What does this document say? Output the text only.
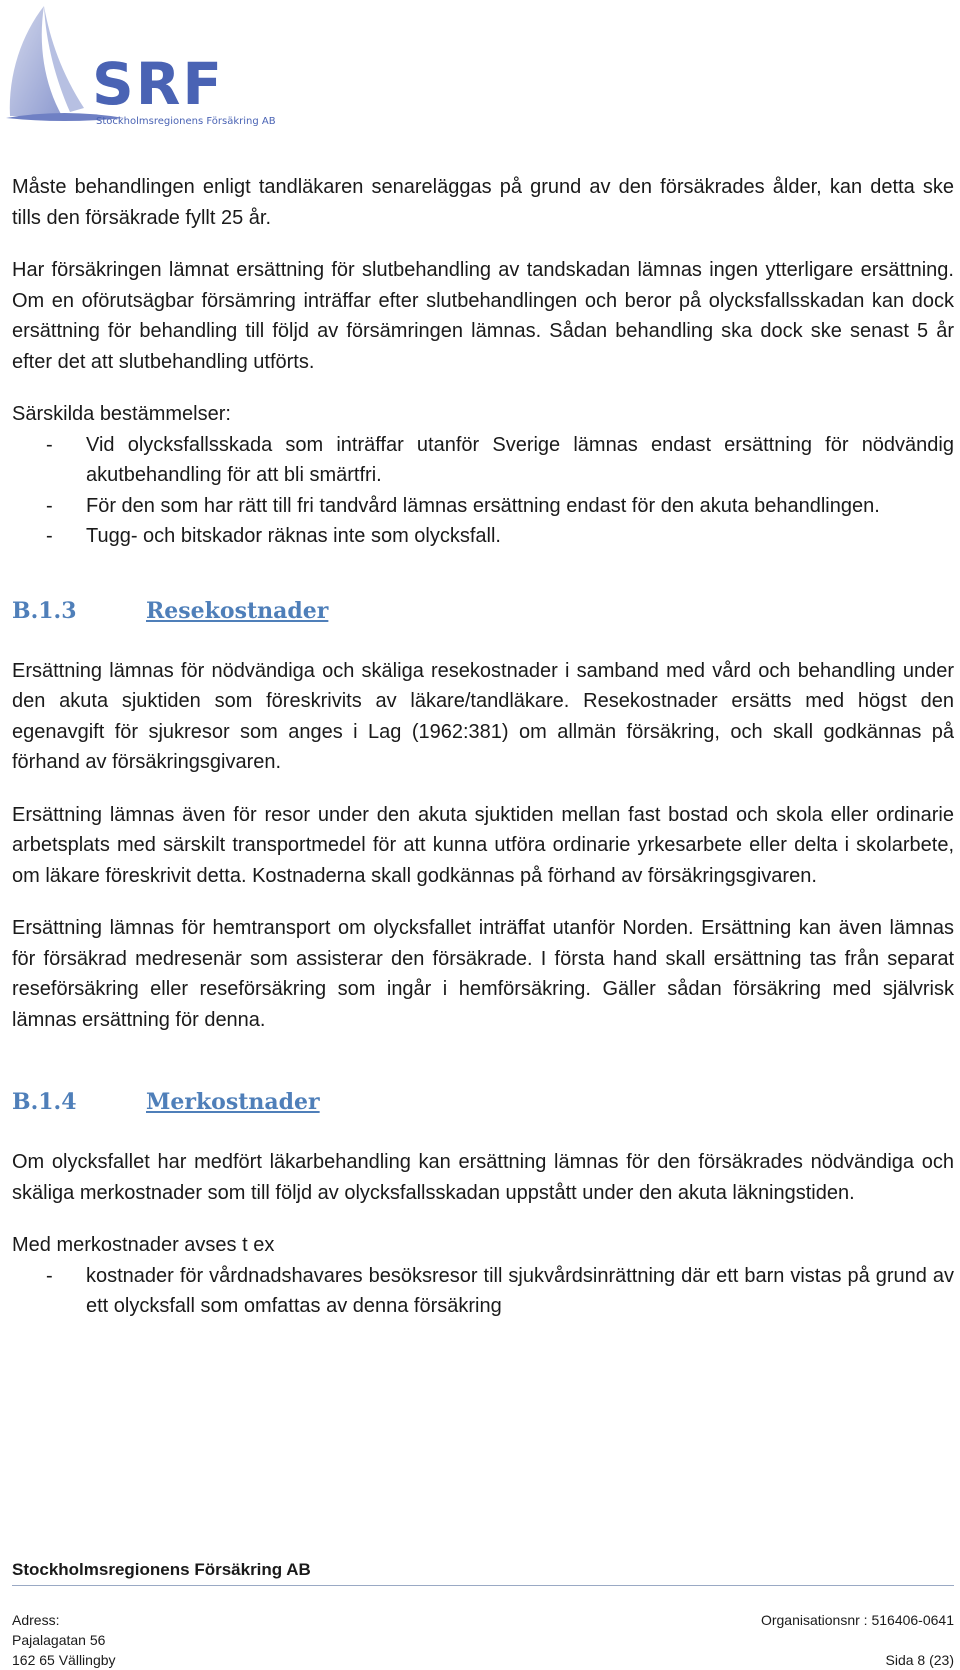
SRF
Stockholmsregionens Försäkring AB

Måste behandlingen enligt tandläkaren senareläggas på grund av den försäkrades ålder, kan detta ske tills den försäkrade fyllt 25 år.

Har försäkringen lämnat ersättning för slutbehandling av tandskadan lämnas ingen ytterligare ersättning. Om en oförutsägbar försämring inträffar efter slutbehandlingen och beror på olycksfallsskadan kan dock ersättning för behandling till följd av försämringen lämnas. Sådan behandling ska dock ske senast 5 år efter det att slutbehandling utförts.

Särskilda bestämmelser:

- Vid olycksfallsskada som inträffar utanför Sverige lämnas endast ersättning för nödvändig akutbehandling för att bli smärtfri.
- För den som har rätt till fri tandvård lämnas ersättning endast för den akuta behandlingen.
- Tugg- och bitskador räknas inte som olycksfall.
B.1.3	Resekostnader

Ersättning lämnas för nödvändiga och skäliga resekostnader i samband med vård och behandling under den akuta sjuktiden som föreskrivits av läkare/tandläkare. Resekostnader ersätts med högst den egenavgift för sjukresor som anges i Lag (1962:381) om allmän försäkring, och skall godkännas på förhand av försäkringsgivaren.

Ersättning lämnas även för resor under den akuta sjuktiden mellan fast bostad och skola eller ordinarie arbetsplats med särskilt transportmedel för att kunna utföra ordinarie yrkesarbete eller delta i skolarbete, om läkare föreskrivit detta. Kostnaderna skall godkännas på förhand av försäkringsgivaren.

Ersättning lämnas för hemtransport om olycksfallet inträffat utanför Norden. Ersättning kan även lämnas för försäkrad medresenär som assisterar den försäkrade. I första hand skall ersättning tas från separat reseförsäkring eller reseförsäkring som ingår i hemförsäkring. Gäller sådan försäkring med självrisk lämnas ersättning för denna.

B.1.4	Merkostnader

Om olycksfallet har medfört läkarbehandling kan ersättning lämnas för den försäkrades nödvändiga och skäliga merkostnader som till följd av olycksfallsskadan uppstått under den akuta läkningstiden.

Med merkostnader avses t ex

- kostnader för vårdnadshavares besöksresor till sjukvårdsinrättning där ett barn vistas på grund av ett olycksfall som omfattas av denna försäkring
Stockholmsregionens Försäkring AB
Adress:
Pajalagatan 56
162 65 Vällingby
Organisationsnr : 516406-0641
Sida 8 (23)
